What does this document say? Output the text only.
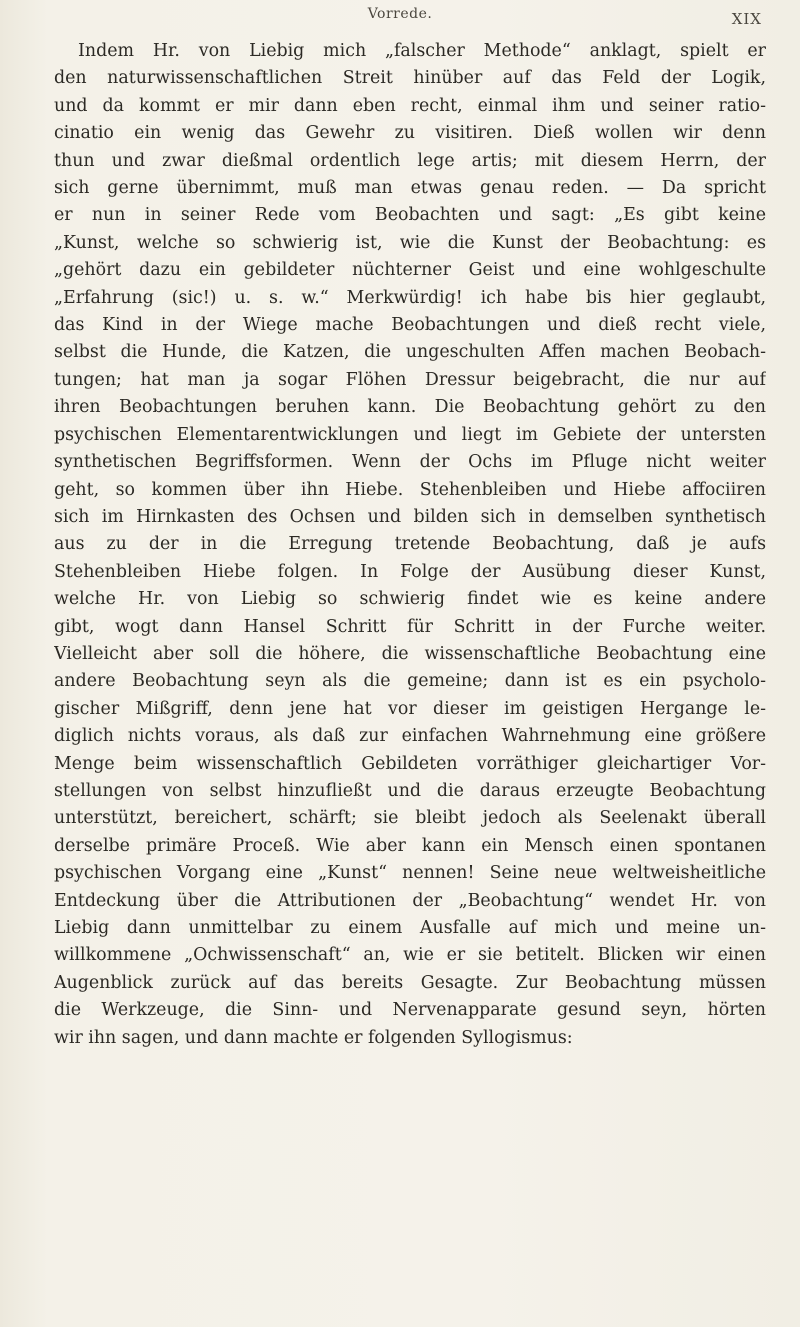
Vorrede.	XIX
Indem Hr. von Liebig mich „falscher Methode“ anklagt, spielt er
den naturwissenschaftlichen Streit hinüber auf das Feld der Logik,
und da kommt er mir dann eben recht, einmal ihm und seiner ratio-
cinatio ein wenig das Gewehr zu visitiren. Dieß wollen wir denn
thun und zwar dießmal ordentlich lege artis; mit diesem Herrn, der
sich gerne übernimmt, muß man etwas genau reden. — Da spricht
er nun in seiner Rede vom Beobachten und sagt: „Es gibt keine
„Kunst, welche so schwierig ist, wie die Kunst der Beobachtung: es
„gehört dazu ein gebildeter nüchterner Geist und eine wohlgeschulte
„Erfahrung (sic!) u. s. w.“ Merkwürdig! ich habe bis hier geglaubt,
das Kind in der Wiege mache Beobachtungen und dieß recht viele,
selbst die Hunde, die Katzen, die ungeschulten Affen machen Beobach-
tungen; hat man ja sogar Flöhen Dressur beigebracht, die nur auf
ihren Beobachtungen beruhen kann. Die Beobachtung gehört zu den
psychischen Elementarentwicklungen und liegt im Gebiete der untersten
synthetischen Begriffsformen. Wenn der Ochs im Pfluge nicht weiter
geht, so kommen über ihn Hiebe. Stehenbleiben und Hiebe affociiren
sich im Hirnkasten des Ochsen und bilden sich in demselben synthetisch
aus zu der in die Erregung tretende Beobachtung, daß je aufs
Stehenbleiben Hiebe folgen. In Folge der Ausübung dieser Kunst,
welche Hr. von Liebig so schwierig findet wie es keine andere
gibt, wogt dann Hansel Schritt für Schritt in der Furche weiter.
Vielleicht aber soll die höhere, die wissenschaftliche Beobachtung eine
andere Beobachtung seyn als die gemeine; dann ist es ein psycholo-
gischer Mißgriff, denn jene hat vor dieser im geistigen Hergange le-
diglich nichts voraus, als daß zur einfachen Wahrnehmung eine größere
Menge beim wissenschaftlich Gebildeten vorräthiger gleichartiger Vor-
stellungen von selbst hinzufließt und die daraus erzeugte Beobachtung
unterstützt, bereichert, schärft; sie bleibt jedoch als Seelenakt überall
derselbe primäre Proceß. Wie aber kann ein Mensch einen spontanen
psychischen Vorgang eine „Kunst“ nennen! Seine neue weltweisheitliche
Entdeckung über die Attributionen der „Beobachtung“ wendet Hr. von
Liebig dann unmittelbar zu einem Ausfalle auf mich und meine un-
willkommene „Ochwissenschaft“ an, wie er sie betitelt. Blicken wir einen
Augenblick zurück auf das bereits Gesagte. Zur Beobachtung müssen
die Werkzeuge, die Sinn- und Nervenapparate gesund seyn, hörten
wir ihn sagen, und dann machte er folgenden Syllogismus:
